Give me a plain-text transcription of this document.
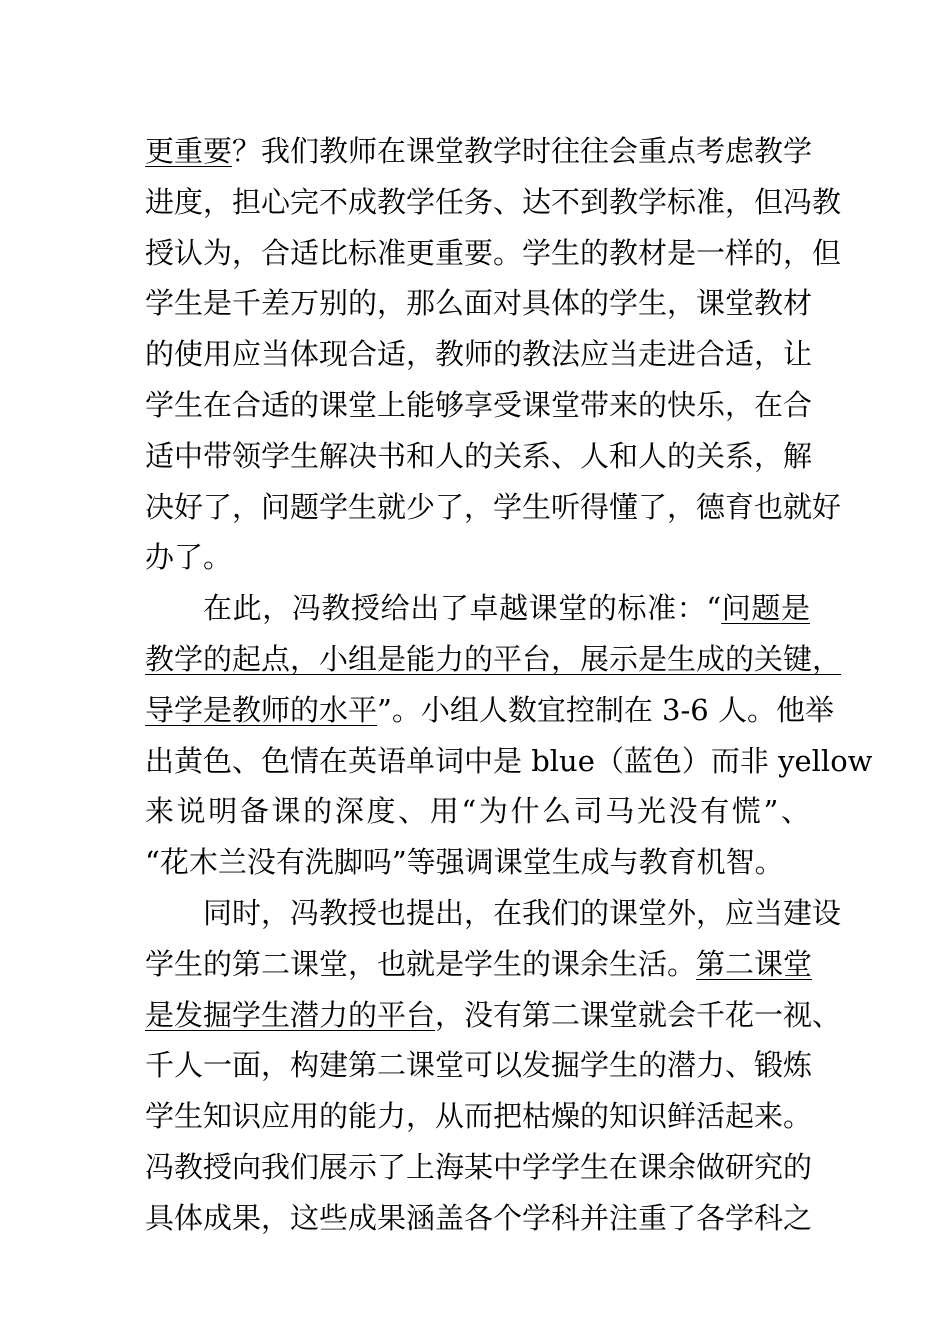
更重要？我们教师在课堂教学时往往会重点考虑教学
进度，担心完不成教学任务、达不到教学标准，但冯教
授认为，合适比标准更重要。学生的教材是一样的，但
学生是千差万别的，那么面对具体的学生，课堂教材
的使用应当体现合适，教师的教法应当走进合适，让
学生在合适的课堂上能够享受课堂带来的快乐，在合
适中带领学生解决书和人的关系、人和人的关系，解
决好了，问题学生就少了，学生听得懂了，德育也就好
办了。
在此，冯教授给出了卓越课堂的标准：“问题是
教学的起点，小组是能力的平台，展示是生成的关键，
导学是教师的水平”。小组人数宜控制在 3-6 人。他举
出黄色、色情在英语单词中是 blue（蓝色）而非 yellow
来说明备课的深度、用“为什么司马光没有慌”、
“花木兰没有洗脚吗”等强调课堂生成与教育机智。
同时，冯教授也提出，在我们的课堂外，应当建设
学生的第二课堂，也就是学生的课余生活。第二课堂
是发掘学生潜力的平台，没有第二课堂就会千花一视、
千人一面，构建第二课堂可以发掘学生的潜力、锻炼
学生知识应用的能力，从而把枯燥的知识鲜活起来。
冯教授向我们展示了上海某中学学生在课余做研究的
具体成果，这些成果涵盖各个学科并注重了各学科之
